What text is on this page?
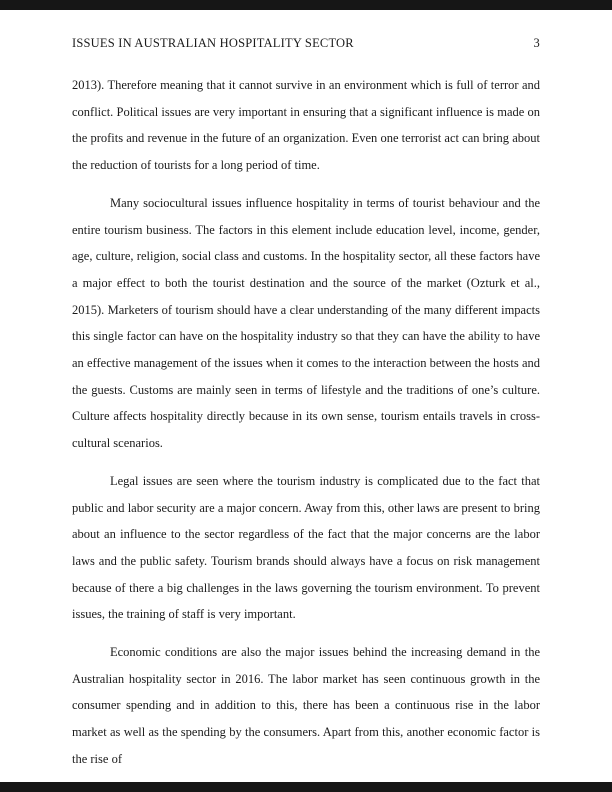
ISSUES IN AUSTRALIAN HOSPITALITY SECTOR	3

2013). Therefore meaning that it cannot survive in an environment which is full of terror and conflict. Political issues are very important in ensuring that a significant influence is made on the profits and revenue in the future of an organization. Even one terrorist act can bring about the reduction of tourists for a long period of time.

Many sociocultural issues influence hospitality in terms of tourist behaviour and the entire tourism business. The factors in this element include education level, income, gender, age, culture, religion, social class and customs. In the hospitality sector, all these factors have a major effect to both the tourist destination and the source of the market (Ozturk et al., 2015). Marketers of tourism should have a clear understanding of the many different impacts this single factor can have on the hospitality industry so that they can have the ability to have an effective management of the issues when it comes to the interaction between the hosts and the guests. Customs are mainly seen in terms of lifestyle and the traditions of one’s culture. Culture affects hospitality directly because in its own sense, tourism entails travels in cross-cultural scenarios.

Legal issues are seen where the tourism industry is complicated due to the fact that public and labor security are a major concern. Away from this, other laws are present to bring about an influence to the sector regardless of the fact that the major concerns are the labor laws and the public safety. Tourism brands should always have a focus on risk management because of there a big challenges in the laws governing the tourism environment. To prevent issues, the training of staff is very important.

Economic conditions are also the major issues behind the increasing demand in the Australian hospitality sector in 2016. The labor market has seen continuous growth in the consumer spending and in addition to this, there has been a continuous rise in the labor market as well as the spending by the consumers. Apart from this, another economic factor is the rise of
